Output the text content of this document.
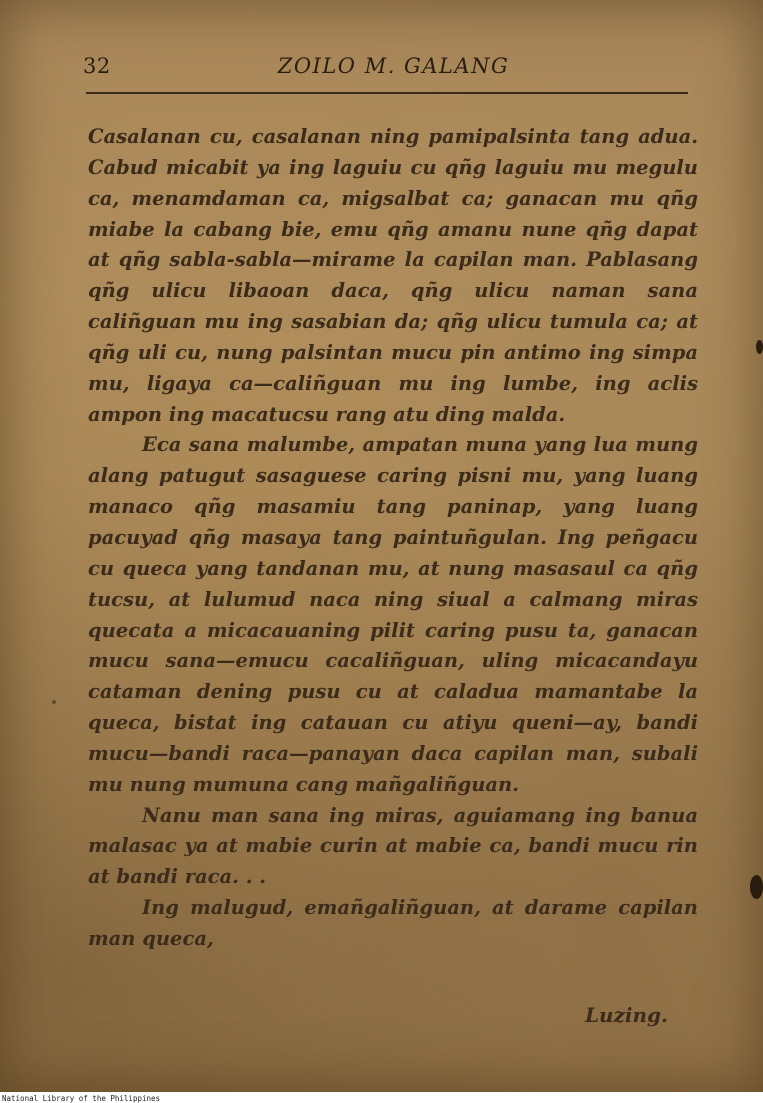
32	ZOILO M. GALANG

Casalanan cu, casalanan ning pamipalsinta tang adua. Cabud micabit ya ing laguiu cu qñg laguiu mu megulu ca, menamdaman ca, migsalbat ca; ganacan mu qñg miabe la cabang bie, emu qñg amanu nune qñg dapat at qñg sabla-sabla—mirame la capilan man. Pablasang qñg ulicu libaoan daca, qñg ulicu naman sana caliñguan mu ing sasabian da; qñg ulicu tumula ca; at qñg uli cu, nung palsintan mucu pin antimo ing simpa mu, ligaya ca—caliñguan mu ing lumbe, ing aclis ampon ing macatucsu rang atu ding malda.

Eca sana malumbe, ampatan muna yang lua mung alang patugut sasaguese caring pisni mu, yang luang manaco qñg masamiu tang paninap, yang luang pacuyad qñg masaya tang paintuñgulan. Ing peñgacu cu queca yang tandanan mu, at nung masasaul ca qñg tucsu, at lulumud naca ning siual a calmang miras quecata a micacauaning pilit caring pusu ta, ganacan mucu sana—emucu cacaliñguan, uling micacandayu cataman dening pusu cu at caladua mamantabe la queca, bistat ing catauan cu atiyu queni—ay, bandi mucu—bandi raca—panayan daca capilan man, subali mu nung mumuna cang mañgaliñguan.

Nanu man sana ing miras, aguiamang ing banua malasac ya at mabie curin at mabie ca, bandi mucu rin at bandi raca. . .

Ing malugud, emañgaliñguan, at darame capilan man queca,

Luzing.
National Library of the Philippines
